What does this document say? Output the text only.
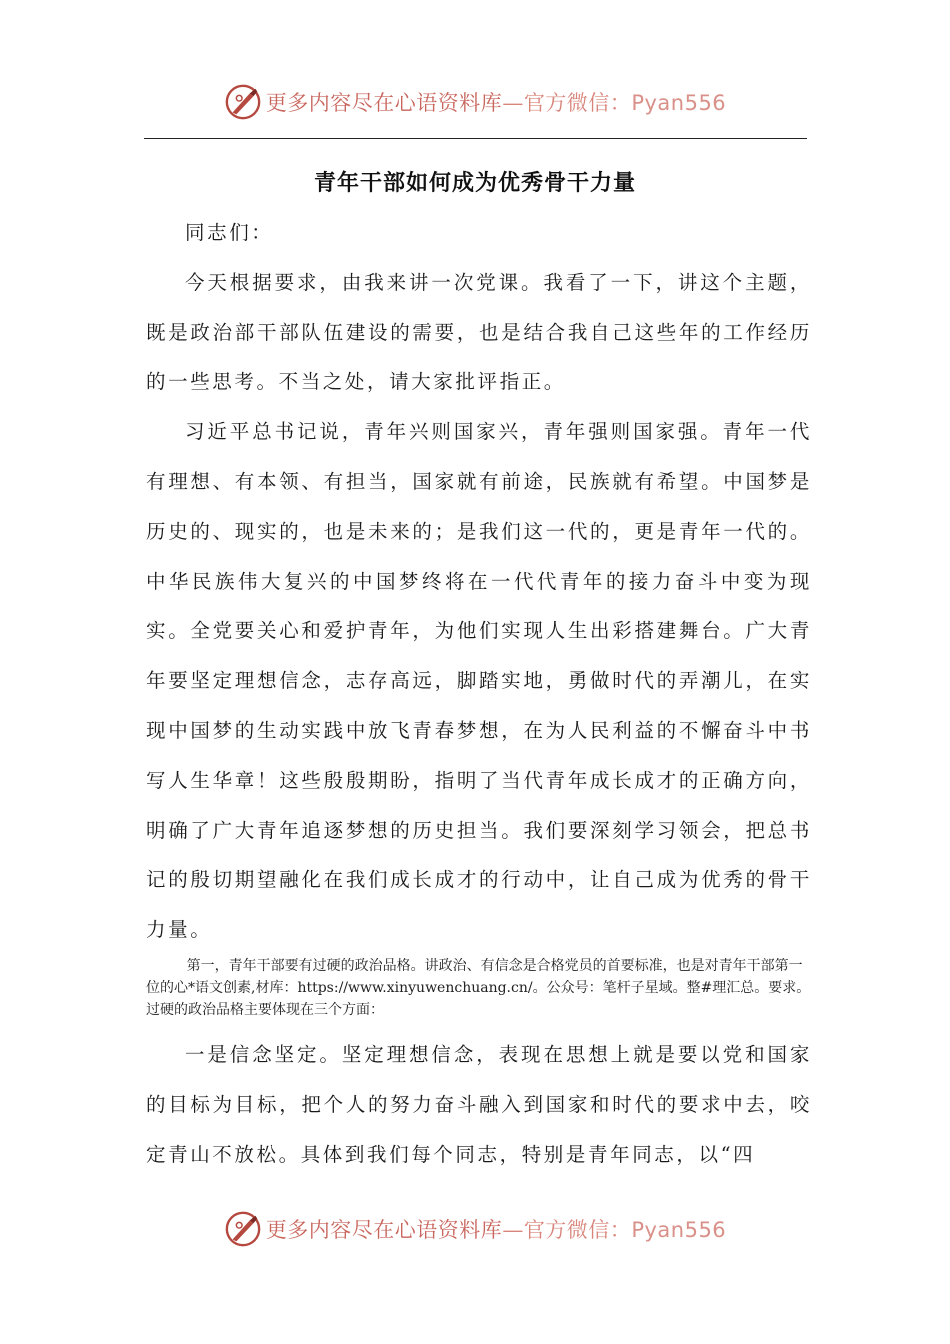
更多内容尽在心语资料库—官方微信：Pyan556
青年干部如何成为优秀骨干力量

同志们：

今天根据要求，由我来讲一次党课。我看了一下，讲这个主题，既是政治部干部队伍建设的需要，也是结合我自己这些年的工作经历的一些思考。不当之处，请大家批评指正。

习近平总书记说，青年兴则国家兴，青年强则国家强。青年一代有理想、有本领、有担当，国家就有前途，民族就有希望。中国梦是历史的、现实的，也是未来的；是我们这一代的，更是青年一代的。中华民族伟大复兴的中国梦终将在一代代青年的接力奋斗中变为现实。全党要关心和爱护青年，为他们实现人生出彩搭建舞台。广大青年要坚定理想信念，志存高远，脚踏实地，勇做时代的弄潮儿，在实现中国梦的生动实践中放飞青春梦想，在为人民利益的不懈奋斗中书写人生华章！这些殷殷期盼，指明了当代青年成长成才的正确方向，明确了广大青年追逐梦想的历史担当。我们要深刻学习领会，把总书记的殷切期望融化在我们成长成才的行动中，让自己成为优秀的骨干力量。

第一，青年干部要有过硬的政治品格。讲政治、有信念是合格党员的首要标准，也是对青年干部第一位的心*语文创素,材库：https://www.xinyuwenchuang.cn/。公众号：笔杆子星域。整#理汇总。要求。过硬的政治品格主要体现在三个方面：

一是信念坚定。坚定理想信念，表现在思想上就是要以党和国家的目标为目标，把个人的努力奋斗融入到国家和时代的要求中去，咬定青山不放松。具体到我们每个同志，特别是青年同志，以“四

更多内容尽在心语资料库—官方微信：Pyan556
